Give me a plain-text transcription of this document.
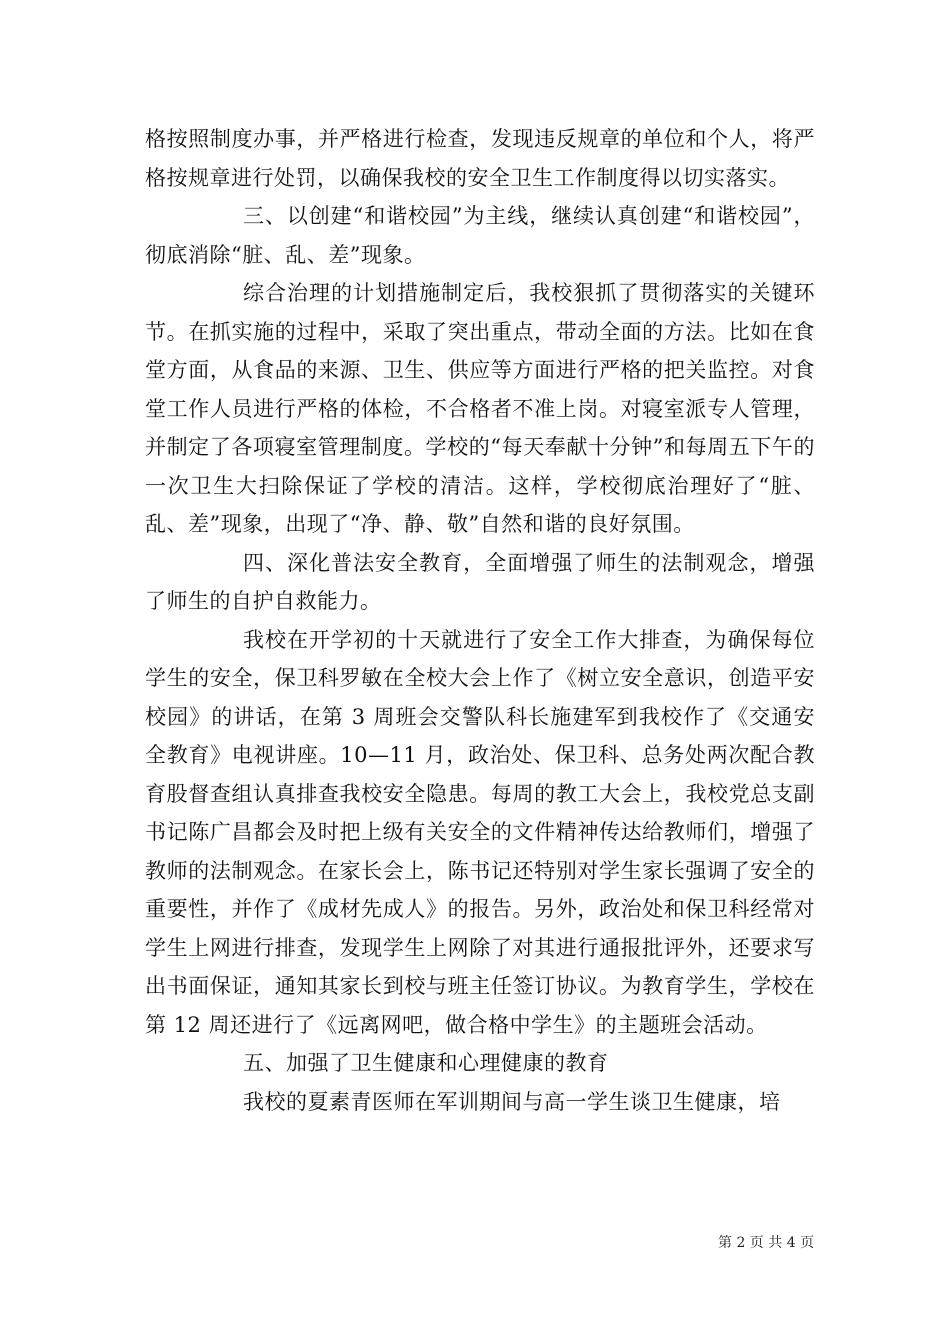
格按照制度办事，并严格进行检查，发现违反规章的单位和个人，将严格按规章进行处罚，以确保我校的安全卫生工作制度得以切实落实。

三、以创建“和谐校园”为主线，继续认真创建“和谐校园”，彻底消除“脏、乱、差”现象。

综合治理的计划措施制定后，我校狠抓了贯彻落实的关键环节。在抓实施的过程中，采取了突出重点，带动全面的方法。比如在食堂方面，从食品的来源、卫生、供应等方面进行严格的把关监控。对食堂工作人员进行严格的体检，不合格者不准上岗。对寝室派专人管理，并制定了各项寝室管理制度。学校的“每天奉献十分钟”和每周五下午的一次卫生大扫除保证了学校的清洁。这样，学校彻底治理好了“脏、乱、差”现象，出现了“净、静、敬”自然和谐的良好氛围。

四、深化普法安全教育，全面增强了师生的法制观念，增强了师生的自护自救能力。

我校在开学初的十天就进行了安全工作大排查，为确保每位学生的安全，保卫科罗敏在全校大会上作了《树立安全意识，创造平安校园》的讲话，在第 3 周班会交警队科长施建军到我校作了《交通安全教育》电视讲座。10—11 月，政治处、保卫科、总务处两次配合教育股督查组认真排查我校安全隐患。每周的教工大会上，我校党总支副书记陈广昌都会及时把上级有关安全的文件精神传达给教师们，增强了教师的法制观念。在家长会上，陈书记还特别对学生家长强调了安全的重要性，并作了《成材先成人》的报告。另外，政治处和保卫科经常对学生上网进行排查，发现学生上网除了对其进行通报批评外，还要求写出书面保证，通知其家长到校与班主任签订协议。为教育学生，学校在第 12 周还进行了《远离网吧，做合格中学生》的主题班会活动。

五、加强了卫生健康和心理健康的教育

我校的夏素青医师在军训期间与高一学生谈卫生健康，培

第 2 页 共 4 页
